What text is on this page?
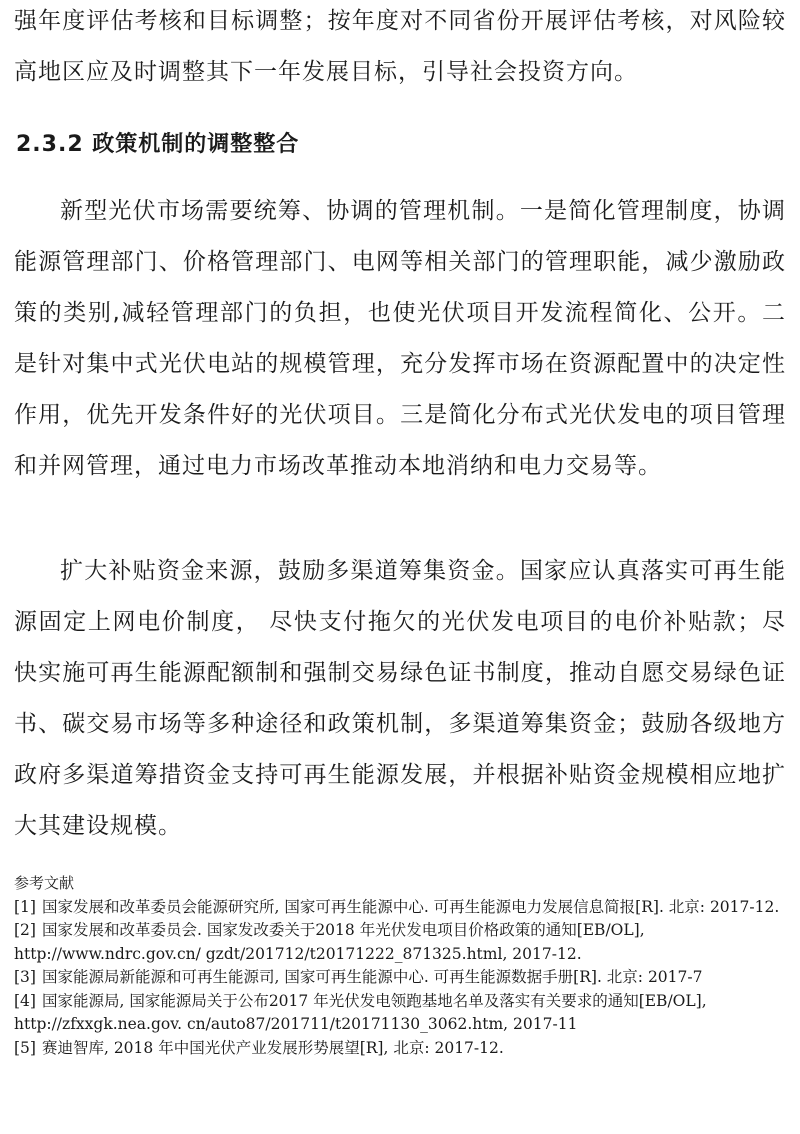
强年度评估考核和目标调整；按年度对不同省份开展评估考核，对风险较高地区应及时调整其下一年发展目标，引导社会投资方向。

2.3.2 政策机制的调整整合

新型光伏市场需要统筹、协调的管理机制。一是简化管理制度，协调能源管理部门、价格管理部门、电网等相关部门的管理职能，减少激励政策的类别,减轻管理部门的负担，也使光伏项目开发流程简化、公开。二是针对集中式光伏电站的规模管理，充分发挥市场在资源配置中的决定性作用，优先开发条件好的光伏项目。三是简化分布式光伏发电的项目管理和并网管理，通过电力市场改革推动本地消纳和电力交易等。

扩大补贴资金来源，鼓励多渠道筹集资金。国家应认真落实可再生能源固定上网电价制度， 尽快支付拖欠的光伏发电项目的电价补贴款；尽快实施可再生能源配额制和强制交易绿色证书制度，推动自愿交易绿色证书、碳交易市场等多种途径和政策机制，多渠道筹集资金；鼓励各级地方政府多渠道筹措资金支持可再生能源发展，并根据补贴资金规模相应地扩大其建设规模。

参考文献

[1] 国家发展和改革委员会能源研究所, 国家可再生能源中心. 可再生能源电力发展信息简报[R]. 北京: 2017-12.

[2] 国家发展和改革委员会. 国家发改委关于2018 年光伏发电项目价格政策的通知[EB/OL], http://www.ndrc.gov.cn/ gzdt/201712/t20171222_871325.html, 2017-12.

[3] 国家能源局新能源和可再生能源司, 国家可再生能源中心. 可再生能源数据手册[R]. 北京: 2017-7

[4] 国家能源局, 国家能源局关于公布2017 年光伏发电领跑基地名单及落实有关要求的通知[EB/OL], http://zfxxgk.nea.gov. cn/auto87/201711/t20171130_3062.htm, 2017-11

[5] 赛迪智库, 2018 年中国光伏产业发展形势展望[R], 北京: 2017-12.
